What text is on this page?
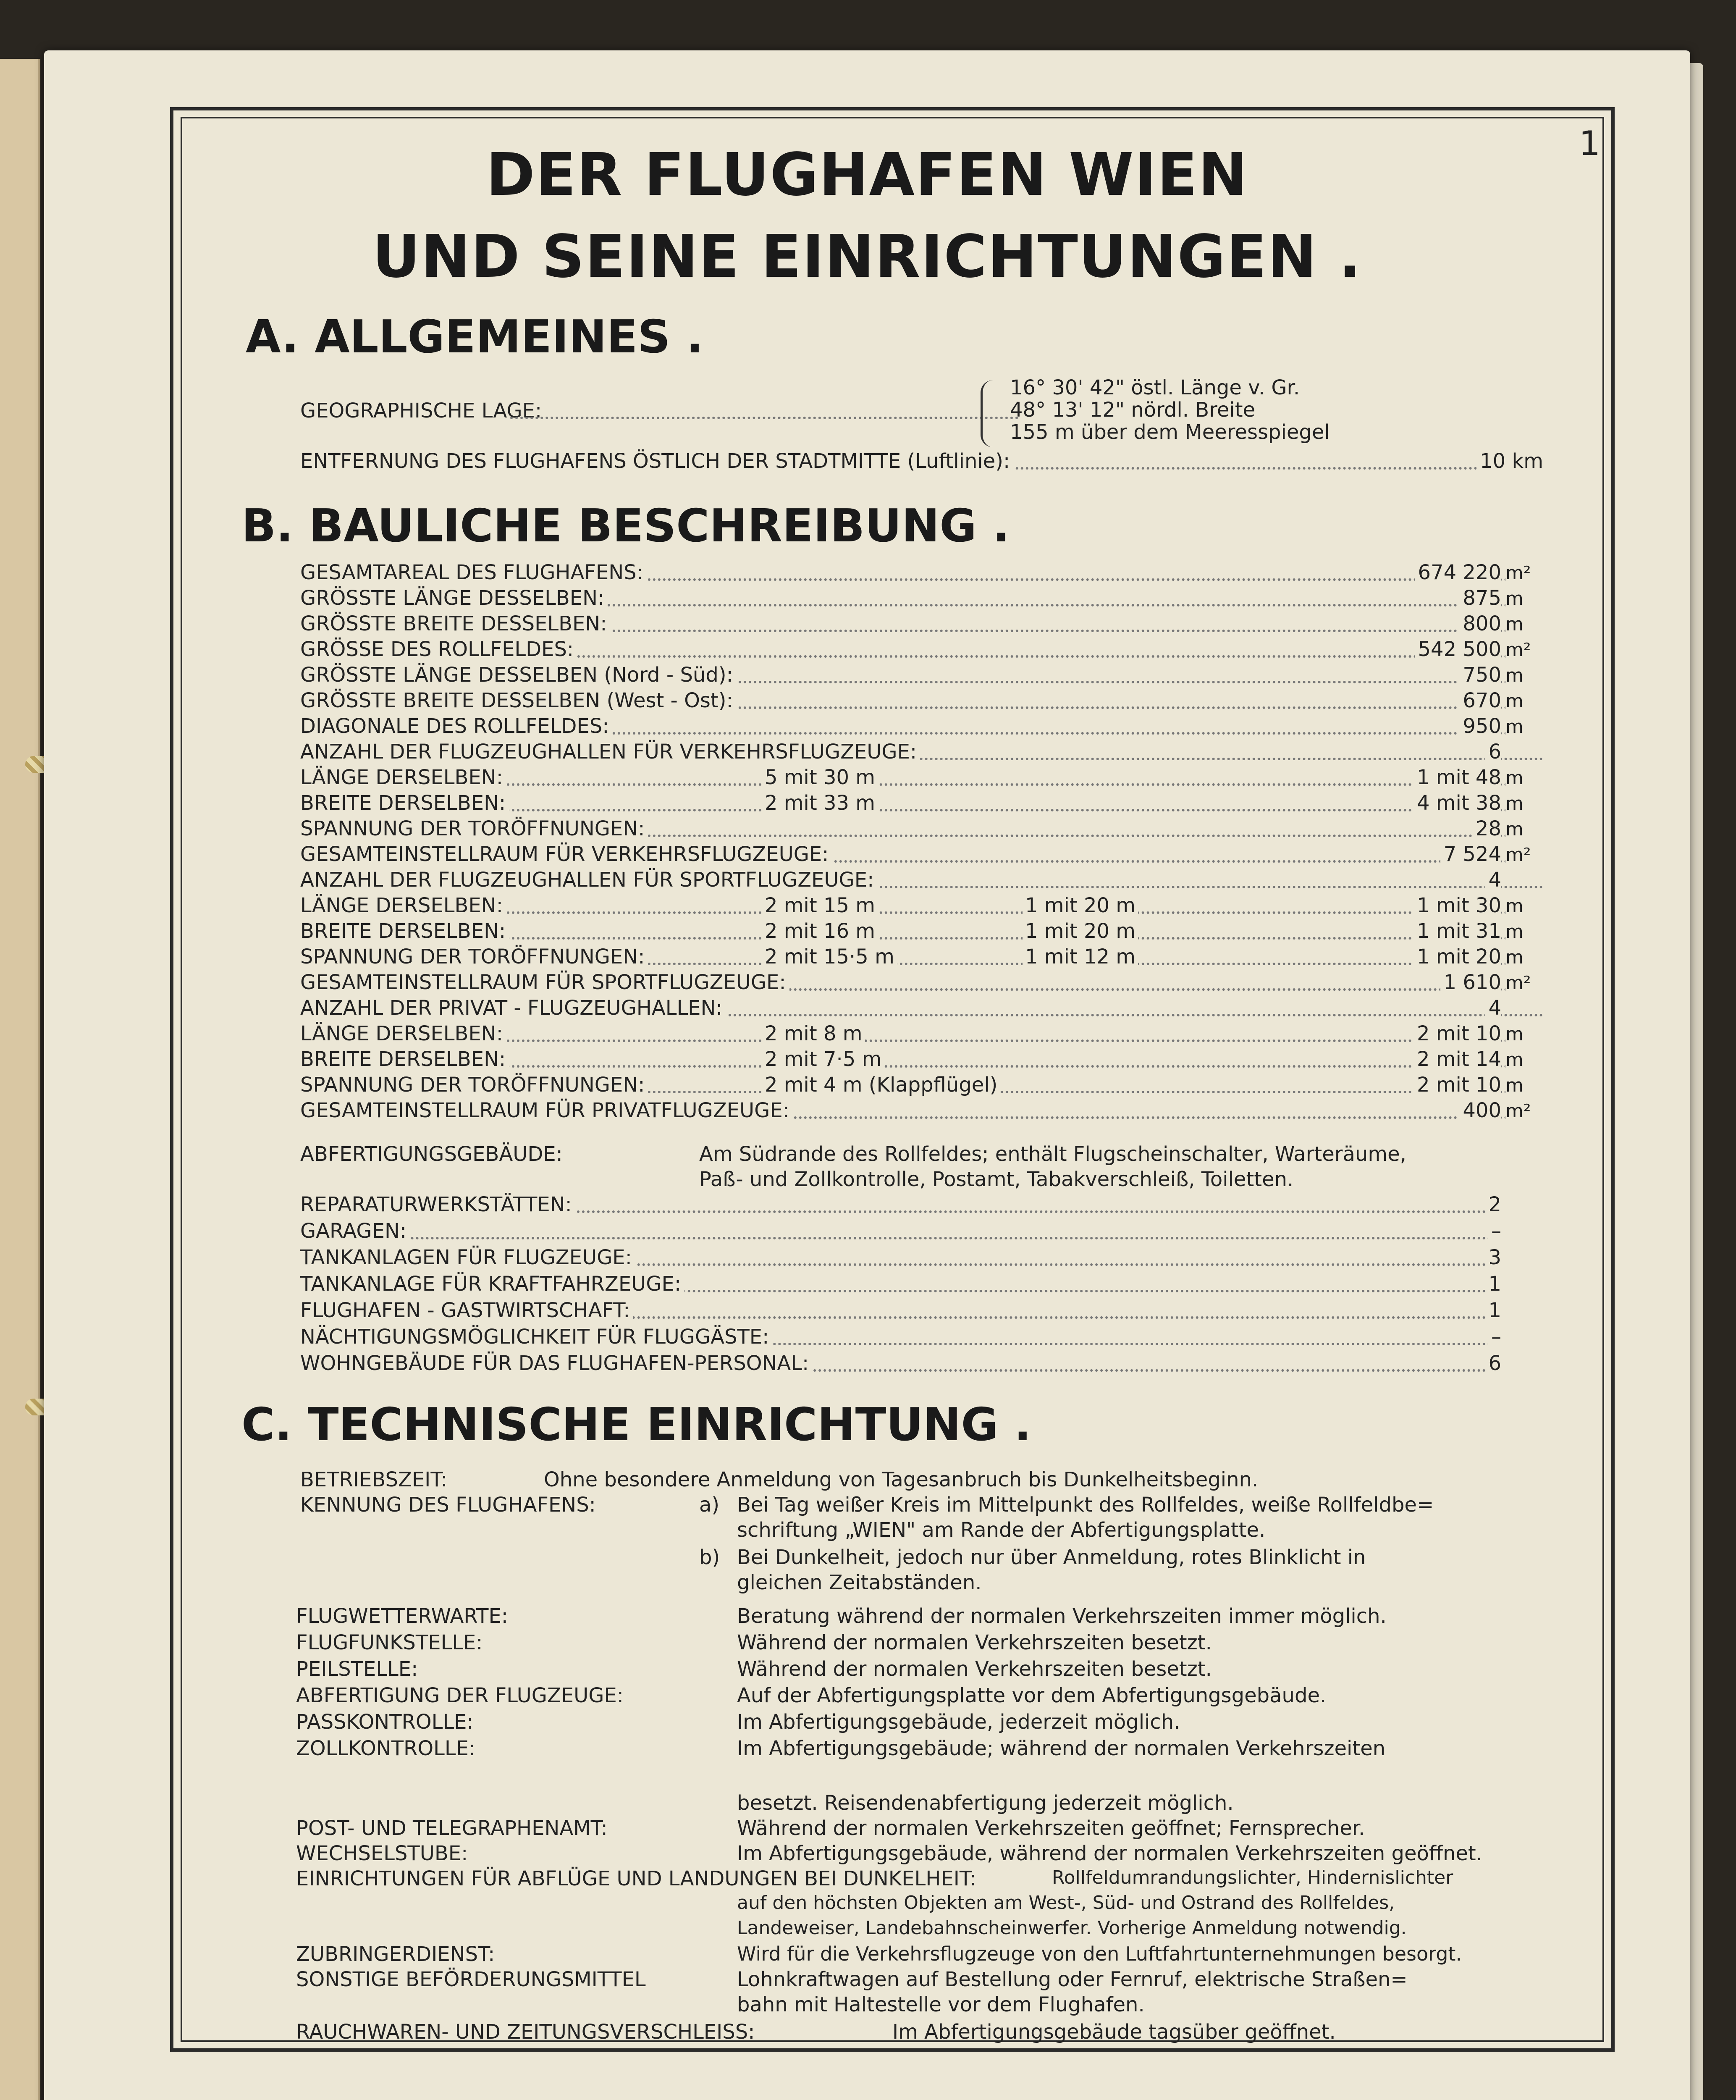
1
DER FLUGHAFEN WIEN
UND SEINE EINRICHTUNGEN .
A. ALLGEMEINES .
GEOGRAPHISCHE LAGE:
16° 30' 42" östl. Länge v. Gr.
48° 13' 12" nördl. Breite
155 m über dem Meeresspiegel
ENTFERNUNG DES FLUGHAFENS ÖSTLICH DER STADTMITTE (Luftlinie):	10 km
B. BAULICHE BESCHREIBUNG .
GESAMTAREAL DES FLUGHAFENS:	674 220 m²
GRÖSSTE LÄNGE DESSELBEN:	875 m
GRÖSSTE BREITE DESSELBEN:	800 m
GRÖSSE DES ROLLFELDES:	542 500 m²
GRÖSSTE LÄNGE DESSELBEN (Nord - Süd):	750 m
GRÖSSTE BREITE DESSELBEN (West - Ost):	670 m
DIAGONALE DES ROLLFELDES:	950 m
ANZAHL DER FLUGZEUGHALLEN FÜR VERKEHRSFLUGZEUGE:	6
LÄNGE DERSELBEN:	5 mit 30 m	1 mit 48 m
BREITE DERSELBEN:	2 mit 33 m	4 mit 38 m
SPANNUNG DER TORÖFFNUNGEN:	28 m
GESAMTEINSTELLRAUM FÜR VERKEHRSFLUGZEUGE:	7 524 m²
ANZAHL DER FLUGZEUGHALLEN FÜR SPORTFLUGZEUGE:	4
LÄNGE DERSELBEN:	2 mit 15 m	1 mit 20 m	1 mit 30 m
BREITE DERSELBEN:	2 mit 16 m	1 mit 20 m	1 mit 31 m
SPANNUNG DER TORÖFFNUNGEN:	2 mit 15·5 m	1 mit 12 m	1 mit 20 m
GESAMTEINSTELLRAUM FÜR SPORTFLUGZEUGE:	1 610 m²
ANZAHL DER PRIVAT - FLUGZEUGHALLEN:	4
LÄNGE DERSELBEN:	2 mit 8 m	2 mit 10 m
BREITE DERSELBEN:	2 mit 7·5 m	2 mit 14 m
SPANNUNG DER TORÖFFNUNGEN:	2 mit 4 m (Klappflügel)	2 mit 10 m
GESAMTEINSTELLRAUM FÜR PRIVATFLUGZEUGE:	400 m²
ABFERTIGUNGSGEBÄUDE:	Am Südrande des Rollfeldes; enthält Flugscheinschalter, Warteräume,
Paß- und Zollkontrolle, Postamt, Tabakverschleiß, Toiletten.
REPARATURWERKSTÄTTEN:	2
GARAGEN:	–
TANKANLAGEN FÜR FLUGZEUGE:	3
TANKANLAGE FÜR KRAFTFAHRZEUGE:	1
FLUGHAFEN - GASTWIRTSCHAFT:	1
NÄCHTIGUNGSMÖGLICHKEIT FÜR FLUGGÄSTE:	–
WOHNGEBÄUDE FÜR DAS FLUGHAFEN-PERSONAL:	6
C. TECHNISCHE EINRICHTUNG .
BETRIEBSZEIT:	Ohne besondere Anmeldung von Tagesanbruch bis Dunkelheitsbeginn.
KENNUNG DES FLUGHAFENS:	a) Bei Tag weißer Kreis im Mittelpunkt des Rollfeldes, weiße Rollfeldbe=
schriftung „WIEN" am Rande der Abfertigungsplatte.
b) Bei Dunkelheit, jedoch nur über Anmeldung, rotes Blinklicht in
gleichen Zeitabständen.
FLUGWETTERWARTE:	Beratung während der normalen Verkehrszeiten immer möglich.
FLUGFUNKSTELLE:	Während der normalen Verkehrszeiten besetzt.
PEILSTELLE:	Während der normalen Verkehrszeiten besetzt.
ABFERTIGUNG DER FLUGZEUGE:	Auf der Abfertigungsplatte vor dem Abfertigungsgebäude.
PASSKONTROLLE:	Im Abfertigungsgebäude, jederzeit möglich.
ZOLLKONTROLLE:	Im Abfertigungsgebäude; während der normalen Verkehrszeiten
besetzt. Reisendenabfertigung jederzeit möglich.
POST- UND TELEGRAPHENAMT:	Während der normalen Verkehrszeiten geöffnet; Fernsprecher.
WECHSELSTUBE:	Im Abfertigungsgebäude, während der normalen Verkehrszeiten geöffnet.
EINRICHTUNGEN FÜR ABFLÜGE UND LANDUNGEN BEI DUNKELHEIT:	Rollfeldumrandungslichter, Hindernislichter
auf den höchsten Objekten am West-, Süd- und Ostrand des Rollfeldes,
Landeweiser, Landebahnscheinwerfer. Vorherige Anmeldung notwendig.
ZUBRINGERDIENST:	Wird für die Verkehrsflugzeuge von den Luftfahrtunternehmungen besorgt.
SONSTIGE BEFÖRDERUNGSMITTEL	Lohnkraftwagen auf Bestellung oder Fernruf, elektrische Straßen=
bahn mit Haltestelle vor dem Flughafen.
RAUCHWAREN- UND ZEITUNGSVERSCHLEISS:	Im Abfertigungsgebäude tagsüber geöffnet.
